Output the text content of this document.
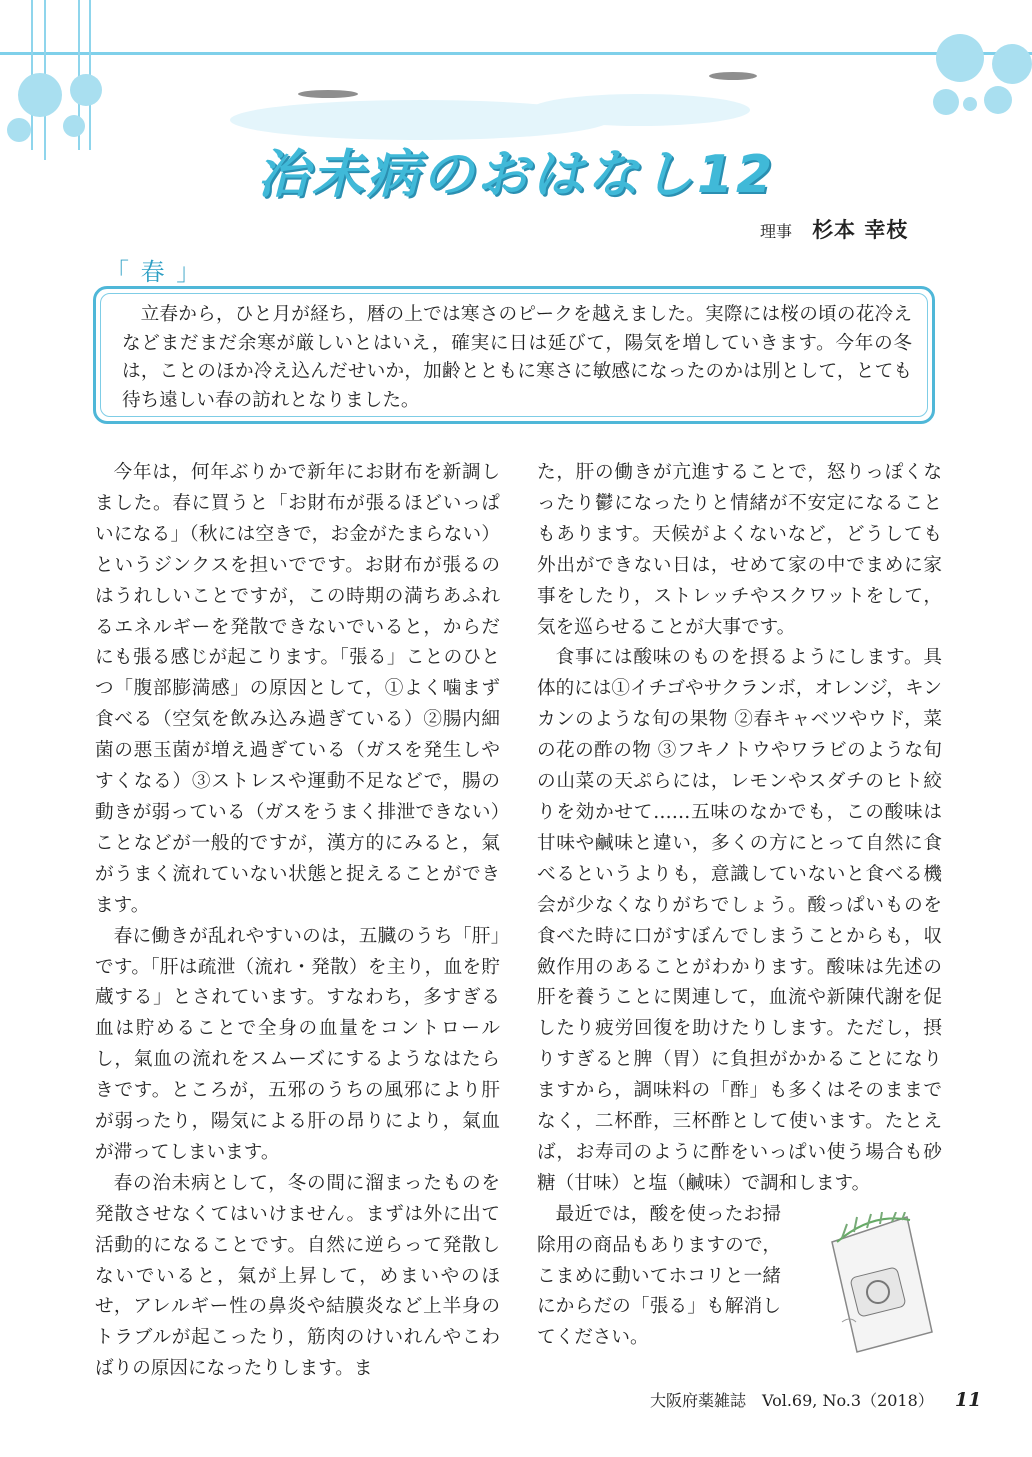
治未病のおはなし12
理事 杉本 幸枝
「 春 」

立春から，ひと月が経ち，暦の上では寒さのピークを越えました。実際には桜の頃の花冷えなどまだまだ余寒が厳しいとはいえ，確実に日は延びて，陽気を増していきます。今年の冬は，ことのほか冷え込んだせいか，加齢とともに寒さに敏感になったのかは別として，とても待ち遠しい春の訪れとなりました。

今年は，何年ぶりかで新年にお財布を新調しました。春に買うと「お財布が張るほどいっぱいになる」（秋には空きで，お金がたまらない）というジンクスを担いでです。お財布が張るのはうれしいことですが，この時期の満ちあふれるエネルギーを発散できないでいると，からだにも張る感じが起こります。「張る」ことのひとつ「腹部膨満感」の原因として，①よく噛まず食べる（空気を飲み込み過ぎている）②腸内細菌の悪玉菌が増え過ぎている（ガスを発生しやすくなる）③ストレスや運動不足などで，腸の動きが弱っている（ガスをうまく排泄できない）ことなどが一般的ですが，漢方的にみると，氣がうまく流れていない状態と捉えることができます。

春に働きが乱れやすいのは，五臓のうち「肝」です。「肝は疏泄（流れ・発散）を主り，血を貯蔵する」とされています。すなわち，多すぎる血は貯めることで全身の血量をコントロールし，氣血の流れをスムーズにするようなはたらきです。ところが，五邪のうちの風邪により肝が弱ったり，陽気による肝の昂りにより，氣血が滞ってしまいます。

春の治未病として，冬の間に溜まったものを発散させなくてはいけません。まずは外に出て活動的になることです。自然に逆らって発散しないでいると，氣が上昇して，めまいやのほせ，アレルギー性の鼻炎や結膜炎など上半身のトラブルが起こったり，筋肉のけいれんやこわばりの原因になったりします。ま

た，肝の働きが亢進することで，怒りっぽくなったり鬱になったりと情緒が不安定になることもあります。天候がよくないなど，どうしても外出ができない日は，せめて家の中でまめに家事をしたり，ストレッチやスクワットをして，気を巡らせることが大事です。

食事には酸味のものを摂るようにします。具体的には①イチゴやサクランボ，オレンジ，キンカンのような旬の果物 ②春キャベツやウド，菜の花の酢の物 ③フキノトウやワラビのような旬の山菜の天ぷらには，レモンやスダチのヒト絞りを効かせて……五味のなかでも，この酸味は甘味や鹹味と違い，多くの方にとって自然に食べるというよりも，意識していないと食べる機会が少なくなりがちでしょう。酸っぱいものを食べた時に口がすぼんでしまうことからも，収斂作用のあることがわかります。酸味は先述の肝を養うことに関連して，血流や新陳代謝を促したり疲労回復を助けたりします。ただし，摂りすぎると脾（胃）に負担がかかることになりますから，調味料の「酢」も多くはそのままでなく，二杯酢，三杯酢として使います。たとえば，お寿司のように酢をいっぱい使う場合も砂糖（甘味）と塩（鹹味）で調和します。

最近では，酸を使ったお掃除用の商品もありますので，こまめに動いてホコリと一緒にからだの「張る」も解消してください。

大阪府薬雑誌　Vol.69, No.3（2018） 11
